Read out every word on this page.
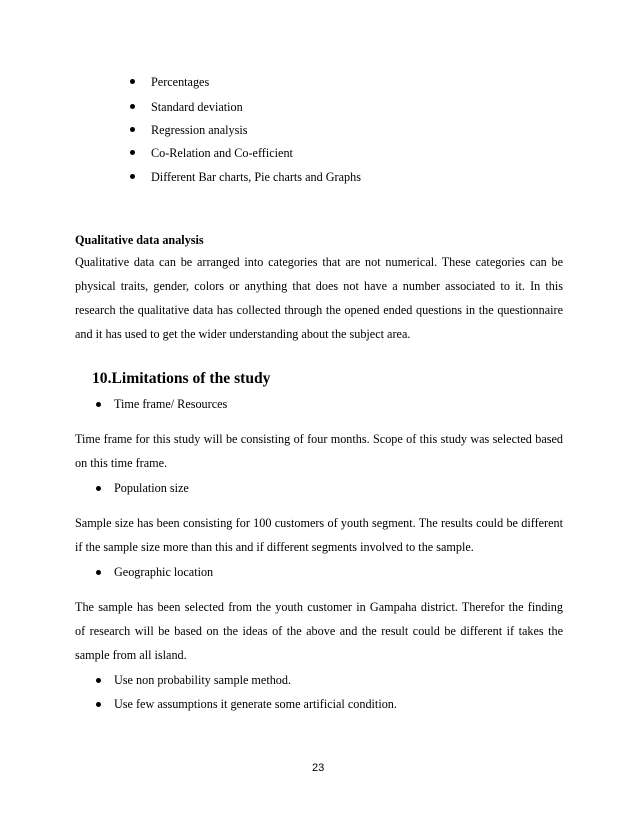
Percentages
Standard deviation
Regression analysis
Co-Relation and Co-efficient
Different Bar charts, Pie charts and Graphs
Qualitative data analysis
Qualitative data can be arranged into categories that are not numerical. These categories can be
physical traits, gender, colors or anything that does not have a number associated to it. In this
research the qualitative data has collected through the opened ended questions in the questionnaire
and it has used to get the wider understanding about the subject area.
10.Limitations of the study
Time frame/ Resources
Time frame for this study will be consisting of four months. Scope of this study was selected based
on this time frame.
Population size
Sample size has been consisting for 100 customers of youth segment. The results could be different
if the sample size more than this and if different segments involved to the sample.
Geographic location
The sample has been selected from the youth customer in Gampaha district. Therefor the finding
of research will be based on the ideas of the above and the result could be different if takes the
sample from all island.
Use non probability sample method.
Use few assumptions it generate some artificial condition.
23
